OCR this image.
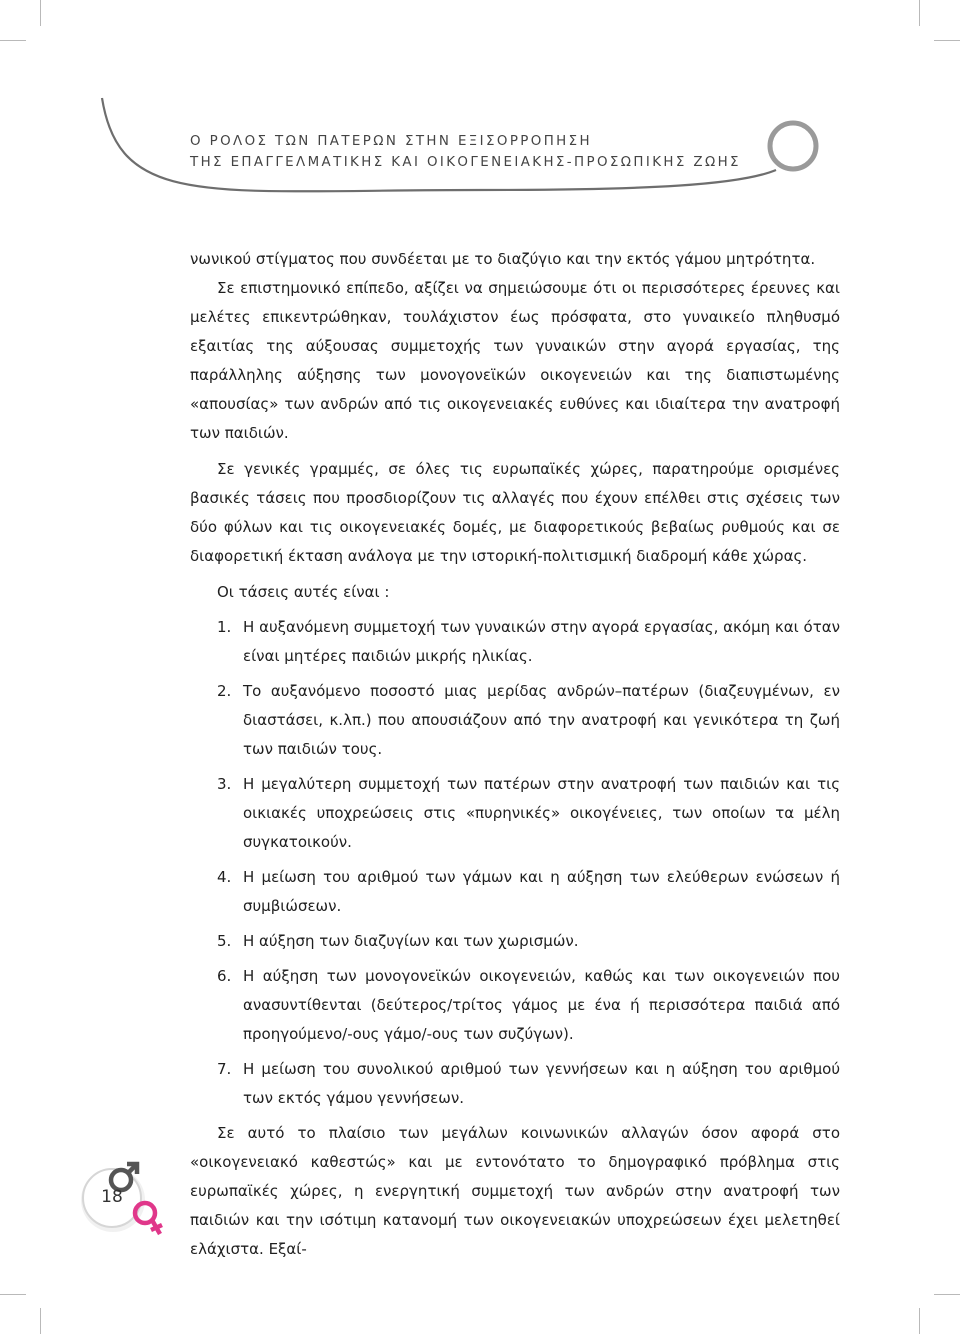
Ο ΡΟΛΟΣ ΤΩΝ ΠΑΤΕΡΩΝ ΣΤΗΝ ΕΞΙΣΟΡΡΟΠΗΣΗ
ΤΗΣ ΕΠΑΓΓΕΛΜΑΤΙΚΗΣ ΚΑΙ ΟΙΚΟΓΕΝΕΙΑΚΗΣ-ΠΡΟΣΩΠΙΚΗΣ ΖΩΗΣ

νωνικού στίγματος που συνδέεται με το διαζύγιο και την εκτός γάμου μητρότητα.

Σε επιστημονικό επίπεδο, αξίζει να σημειώσουμε ότι οι περισσότερες έρευνες και μελέτες επικεντρώθηκαν, τουλάχιστον έως πρόσφατα, στο γυναικείο πληθυσμό εξαιτίας της αύξουσας συμμετοχής των γυναικών στην αγορά εργασίας, της παράλληλης αύξησης των μονογονεϊκών οικογενειών και της διαπιστωμένης «απουσίας» των ανδρών από τις οικογενειακές ευθύνες και ιδιαίτερα την ανατροφή των παιδιών.

Σε γενικές γραμμές, σε όλες τις ευρωπαϊκές χώρες, παρατηρούμε ορισμένες βασικές τάσεις που προσδιορίζουν τις αλλαγές που έχουν επέλθει στις σχέσεις των δύο φύλων και τις οικογενειακές δομές, με διαφορετικούς βεβαίως ρυθμούς και σε διαφορετική έκταση ανάλογα με την ιστορική-πολιτισμική διαδρομή κάθε χώρας.

Οι τάσεις αυτές είναι :

1. Η αυξανόμενη συμμετοχή των γυναικών στην αγορά εργασίας, ακόμη και όταν είναι μητέρες παιδιών μικρής ηλικίας.
2. Το αυξανόμενο ποσοστό μιας μερίδας ανδρών–πατέρων (διαζευγμένων, εν διαστάσει, κ.λπ.) που απουσιάζουν από την ανατροφή και γενικότερα τη ζωή των παιδιών τους.
3. Η μεγαλύτερη συμμετοχή των πατέρων στην ανατροφή των παιδιών και τις οικιακές υποχρεώσεις στις «πυρηνικές» οικογένειες, των οποίων τα μέλη συγκατοικούν.
4. Η μείωση του αριθμού των γάμων και η αύξηση των ελεύθερων ενώσεων ή συμβιώσεων.
5. Η αύξηση των διαζυγίων και των χωρισμών.
6. Η αύξηση των μονογονεϊκών οικογενειών, καθώς και των οικογενειών που ανασυντίθενται (δεύτερος/τρίτος γάμος με ένα ή περισσότερα παιδιά από προηγούμενο/-ους γάμο/-ους των συζύγων).
7. Η μείωση του συνολικού αριθμού των γεννήσεων και η αύξηση του αριθμού των εκτός γάμου γεννήσεων.

Σε αυτό το πλαίσιο των μεγάλων κοινωνικών αλλαγών όσον αφορά στο «οικογενειακό καθεστώς» και με εντονότατο το δημογραφικό πρόβλημα στις ευρωπαϊκές χώρες, η ενεργητική συμμετοχή των ανδρών στην ανατροφή των παιδιών και την ισότιμη κατανομή των οικογενειακών υποχρεώσεων έχει μελετηθεί ελάχιστα. Εξαί-

18
